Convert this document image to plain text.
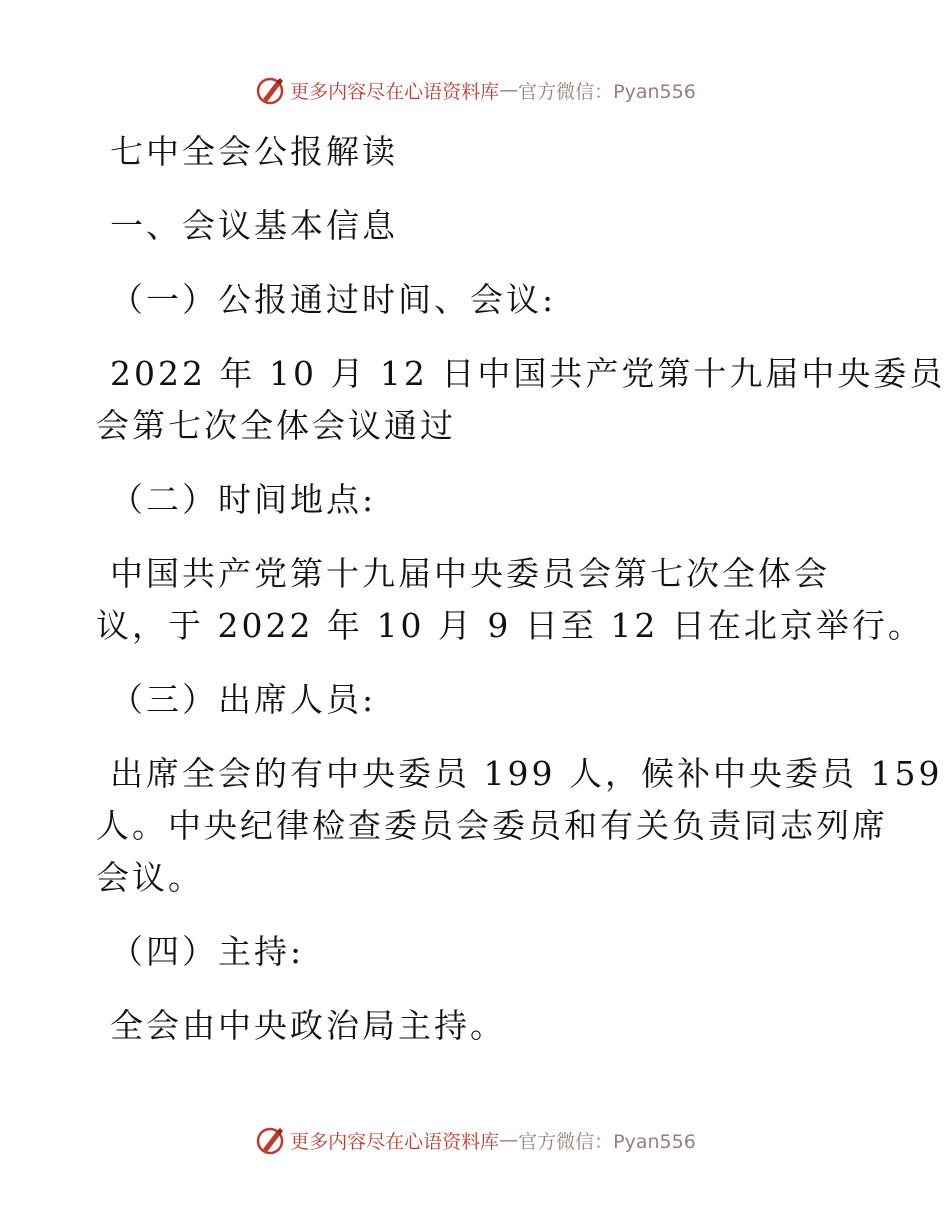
更多内容尽在心语资料库 — 官方微信：Pyan556

七中全会公报解读

一、会议基本信息

（一）公报通过时间、会议:

2022 年 10 月 12 日中国共产党第十九届中央委员

会第七次全体会议通过

（二）时间地点:

中国共产党第十九届中央委员会第七次全体会

议，于 2022 年 10 月 9 日至 12 日在北京举行。

（三）出席人员:

出席全会的有中央委员 199 人，候补中央委员 159

人。中央纪律检查委员会委员和有关负责同志列席

会议。

（四）主持:

全会由中央政治局主持。

更多内容尽在心语资料库 — 官方微信：Pyan556
